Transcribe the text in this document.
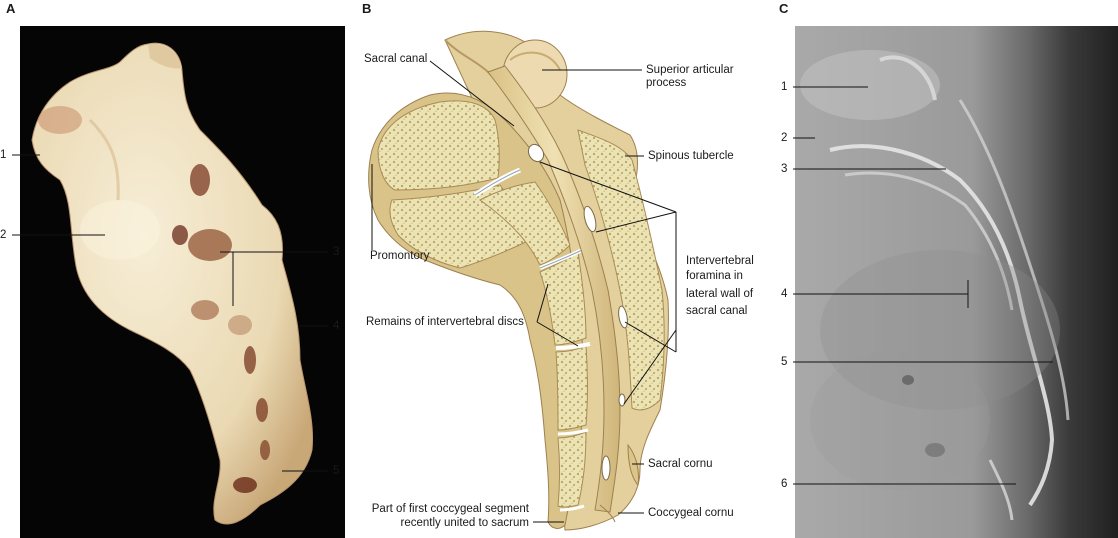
A	B	C
1
2
3
4
5
Sacral canal
Superior articular
process
Spinous tubercle
Promontory	Intervertebral
foramina in
lateral wall of
sacral canal
Remains of intervertebral discs
Sacral cornu
Coccygeal cornu
Part of first coccygeal segment
recently united to sacrum
1
2
3
4
5
6
